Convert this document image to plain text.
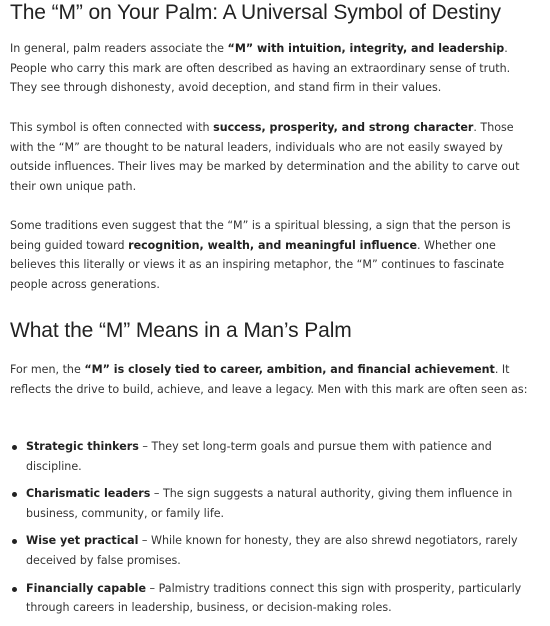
The “M” on Your Palm: A Universal Symbol of Destiny

In general, palm readers associate the “M” with intuition, integrity, and leadership. People who carry this mark are often described as having an extraordinary sense of truth. They see through dishonesty, avoid deception, and stand firm in their values.

This symbol is often connected with success, prosperity, and strong character. Those with the “M” are thought to be natural leaders, individuals who are not easily swayed by outside influences. Their lives may be marked by determination and the ability to carve out their own unique path.

Some traditions even suggest that the “M” is a spiritual blessing, a sign that the person is being guided toward recognition, wealth, and meaningful influence. Whether one believes this literally or views it as an inspiring metaphor, the “M” continues to fascinate people across generations.

What the “M” Means in a Man’s Palm

For men, the “M” is closely tied to career, ambition, and financial achievement. It reflects the drive to build, achieve, and leave a legacy. Men with this mark are often seen as:

Strategic thinkers – They set long-term goals and pursue them with patience and discipline.
Charismatic leaders – The sign suggests a natural authority, giving them influence in business, community, or family life.
Wise yet practical – While known for honesty, they are also shrewd negotiators, rarely deceived by false promises.
Financially capable – Palmistry traditions connect this sign with prosperity, particularly through careers in leadership, business, or decision-making roles.
